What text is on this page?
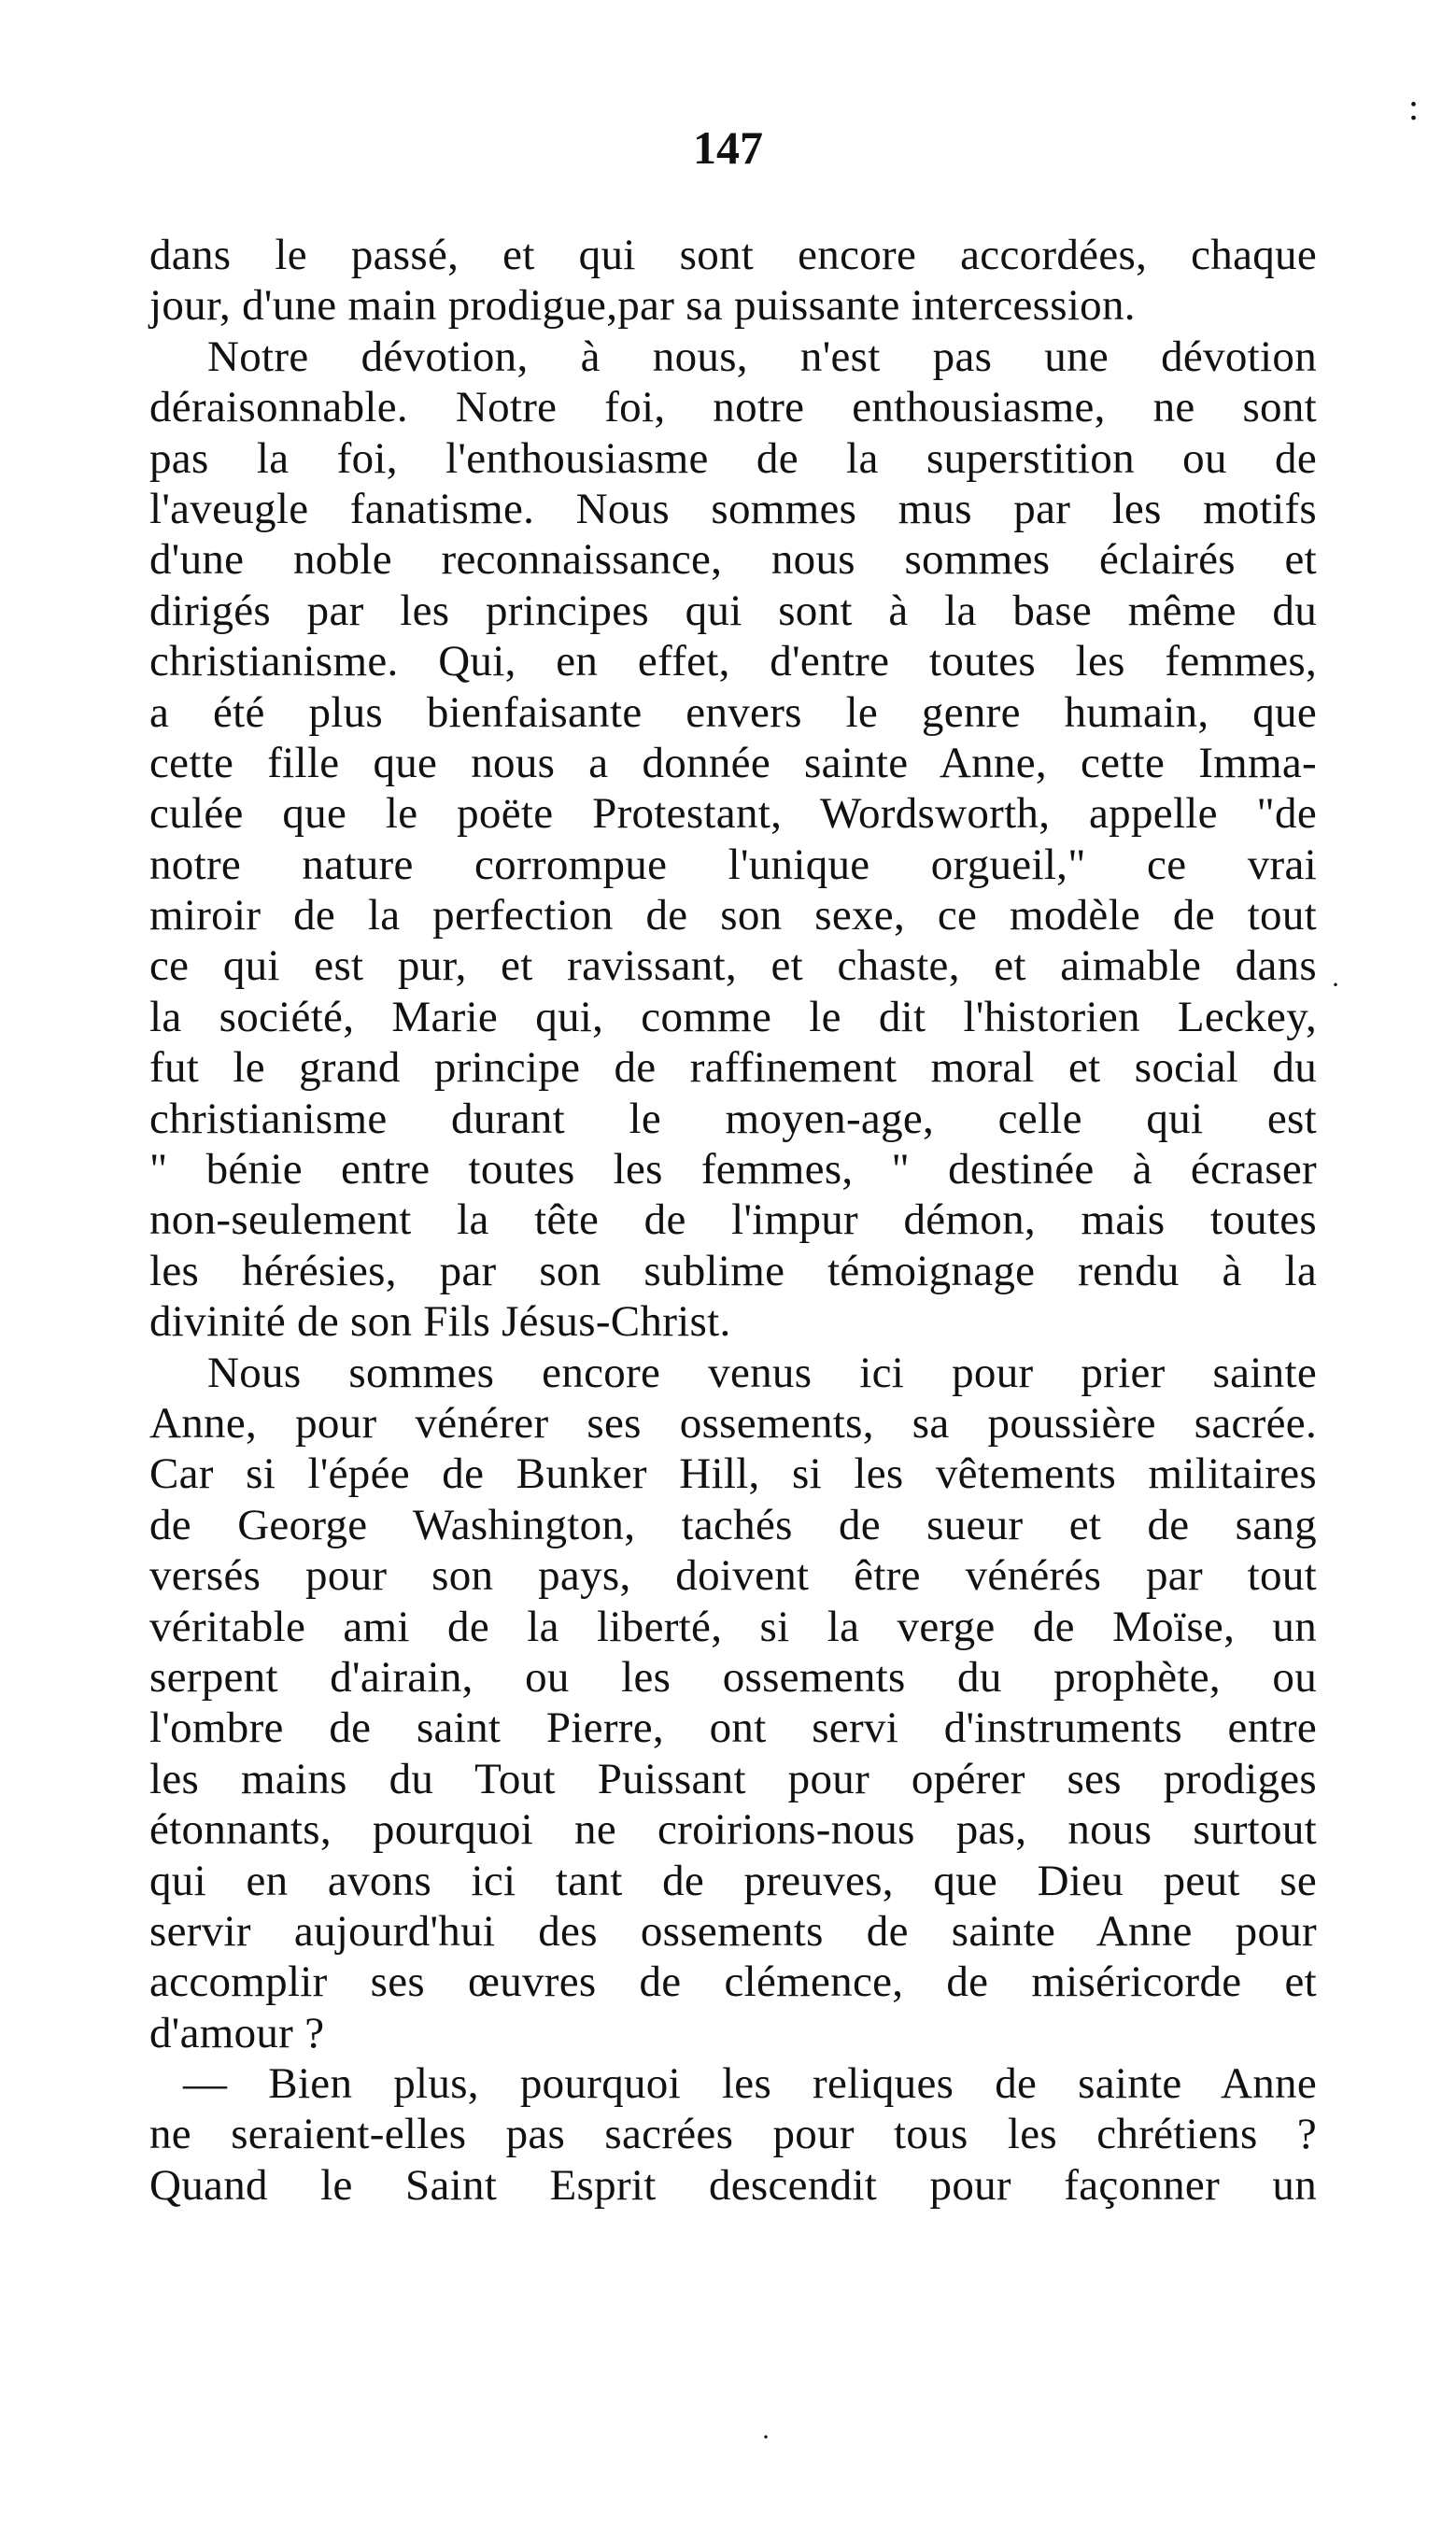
:
·
·
147
dans le passé, et qui sont encore accordées, chaque
jour, d'une main prodigue,par sa puissante intercession.
Notre dévotion, à nous, n'est pas une dévotion
déraisonnable. Notre foi, notre enthousiasme, ne sont
pas la foi, l'enthousiasme de la superstition ou de
l'aveugle fanatisme. Nous sommes mus par les motifs
d'une noble reconnaissance, nous sommes éclairés et
dirigés par les principes qui sont à la base même du
christianisme. Qui, en effet, d'entre toutes les femmes,
a été plus bienfaisante envers le genre humain, que
cette fille que nous a donnée sainte Anne, cette Imma-
culée que le poëte Protestant, Wordsworth, appelle "de
notre nature corrompue l'unique orgueil," ce vrai
miroir de la perfection de son sexe, ce modèle de tout
ce qui est pur, et ravissant, et chaste, et aimable dans
la société, Marie qui, comme le dit l'historien Leckey,
fut le grand principe de raffinement moral et social du
christianisme durant le moyen-age, celle qui est
" bénie entre toutes les femmes, " destinée à écraser
non-seulement la tête de l'impur démon, mais toutes
les hérésies, par son sublime témoignage rendu à la
divinité de son Fils Jésus-Christ.
Nous sommes encore venus ici pour prier sainte
Anne, pour vénérer ses ossements, sa poussière sacrée.
Car si l'épée de Bunker Hill, si les vêtements militaires
de George Washington, tachés de sueur et de sang
versés pour son pays, doivent être vénérés par tout
véritable ami de la liberté, si la verge de Moïse, un
serpent d'airain, ou les ossements du prophète, ou
l'ombre de saint Pierre, ont servi d'instruments entre
les mains du Tout Puissant pour opérer ses prodiges
étonnants, pourquoi ne croirions-nous pas, nous surtout
qui en avons ici tant de preuves, que Dieu peut se
servir aujourd'hui des ossements de sainte Anne pour
accomplir ses œuvres de clémence, de miséricorde et
d'amour ?
— Bien plus, pourquoi les reliques de sainte Anne
ne seraient-elles pas sacrées pour tous les chrétiens ?
Quand le Saint Esprit descendit pour façonner un
